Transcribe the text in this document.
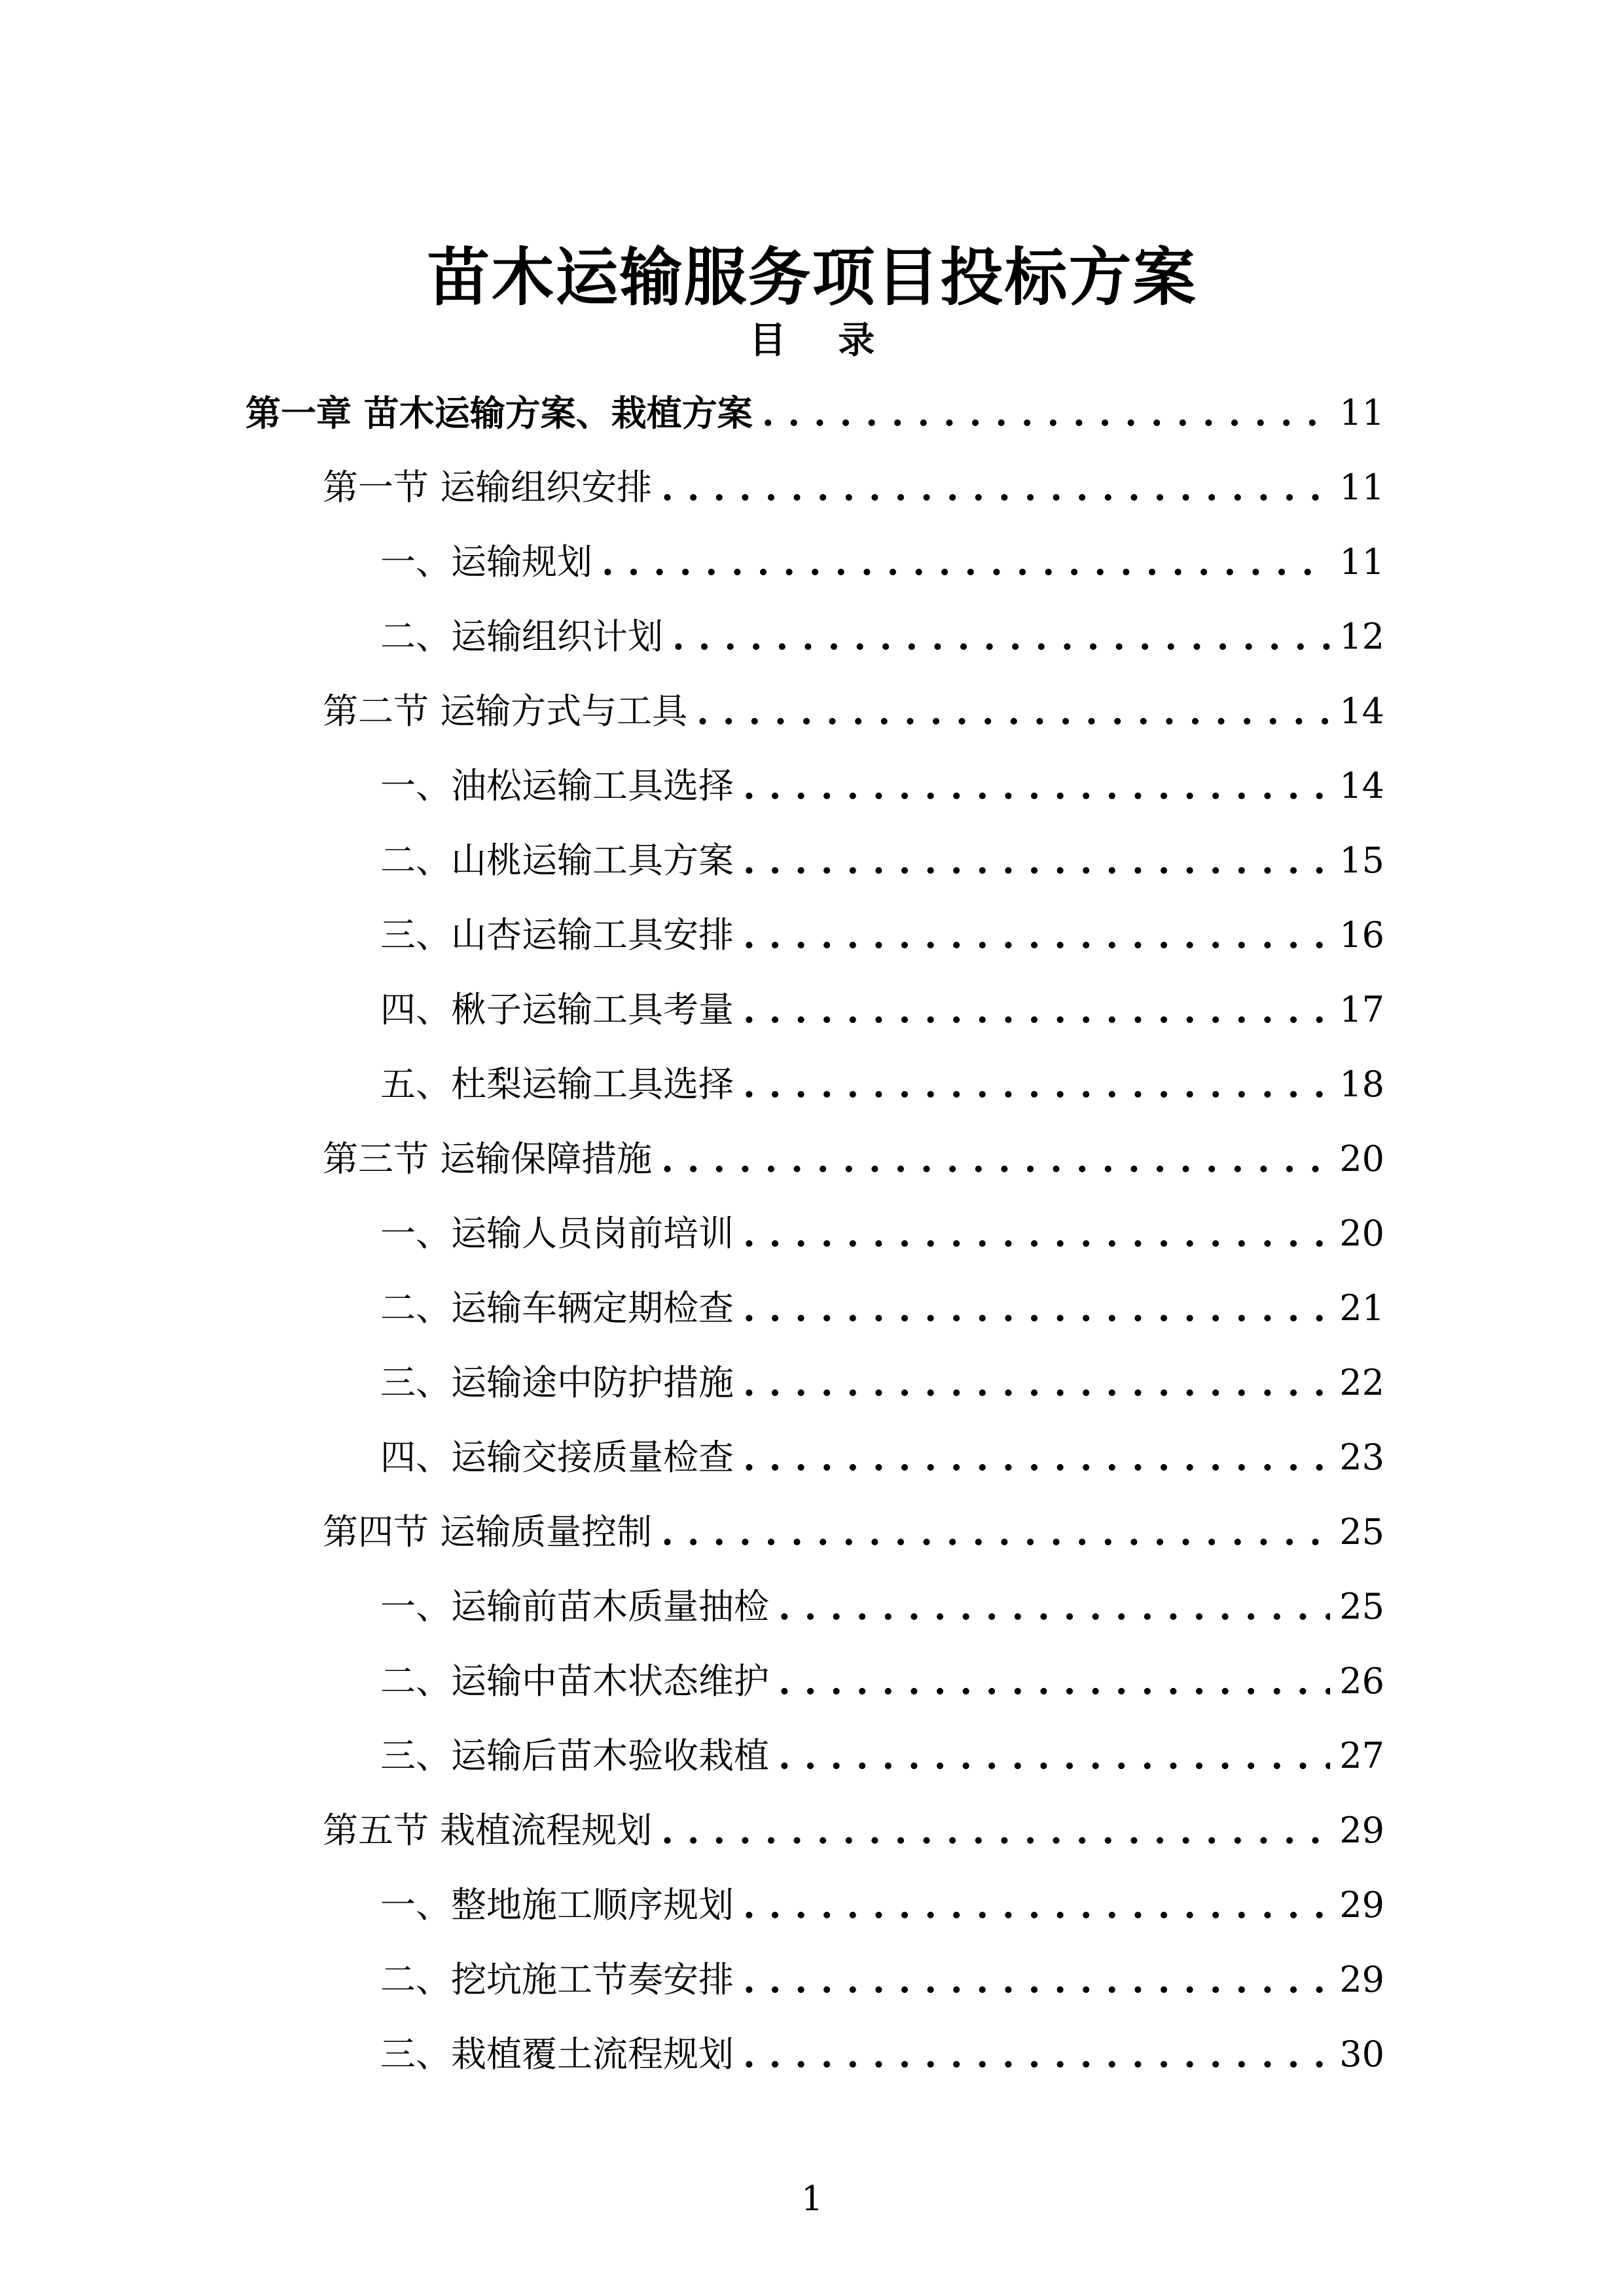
苗木运输服务项目投标方案
目 录
第一章 苗木运输方案、栽植方案 . . .	11
第一节 运输组织安排 . . .	11
一、运输规划 . . .	11
二、运输组织计划 . . .	12
第二节 运输方式与工具 . . .	14
一、油松运输工具选择 . . .	14
二、山桃运输工具方案 . . .	15
三、山杏运输工具安排 . . .	16
四、楸子运输工具考量 . . .	17
五、杜梨运输工具选择 . . .	18
第三节 运输保障措施 . . .	20
一、运输人员岗前培训 . . .	20
二、运输车辆定期检查 . . .	21
三、运输途中防护措施 . . .	22
四、运输交接质量检查 . . .	23
第四节 运输质量控制 . . .	25
一、运输前苗木质量抽检 . . .	25
二、运输中苗木状态维护 . . .	26
三、运输后苗木验收栽植 . . .	27
第五节 栽植流程规划 . . .	29
一、整地施工顺序规划 . . .	29
二、挖坑施工节奏安排 . . .	29
三、栽植覆土流程规划 . . .	30
1
